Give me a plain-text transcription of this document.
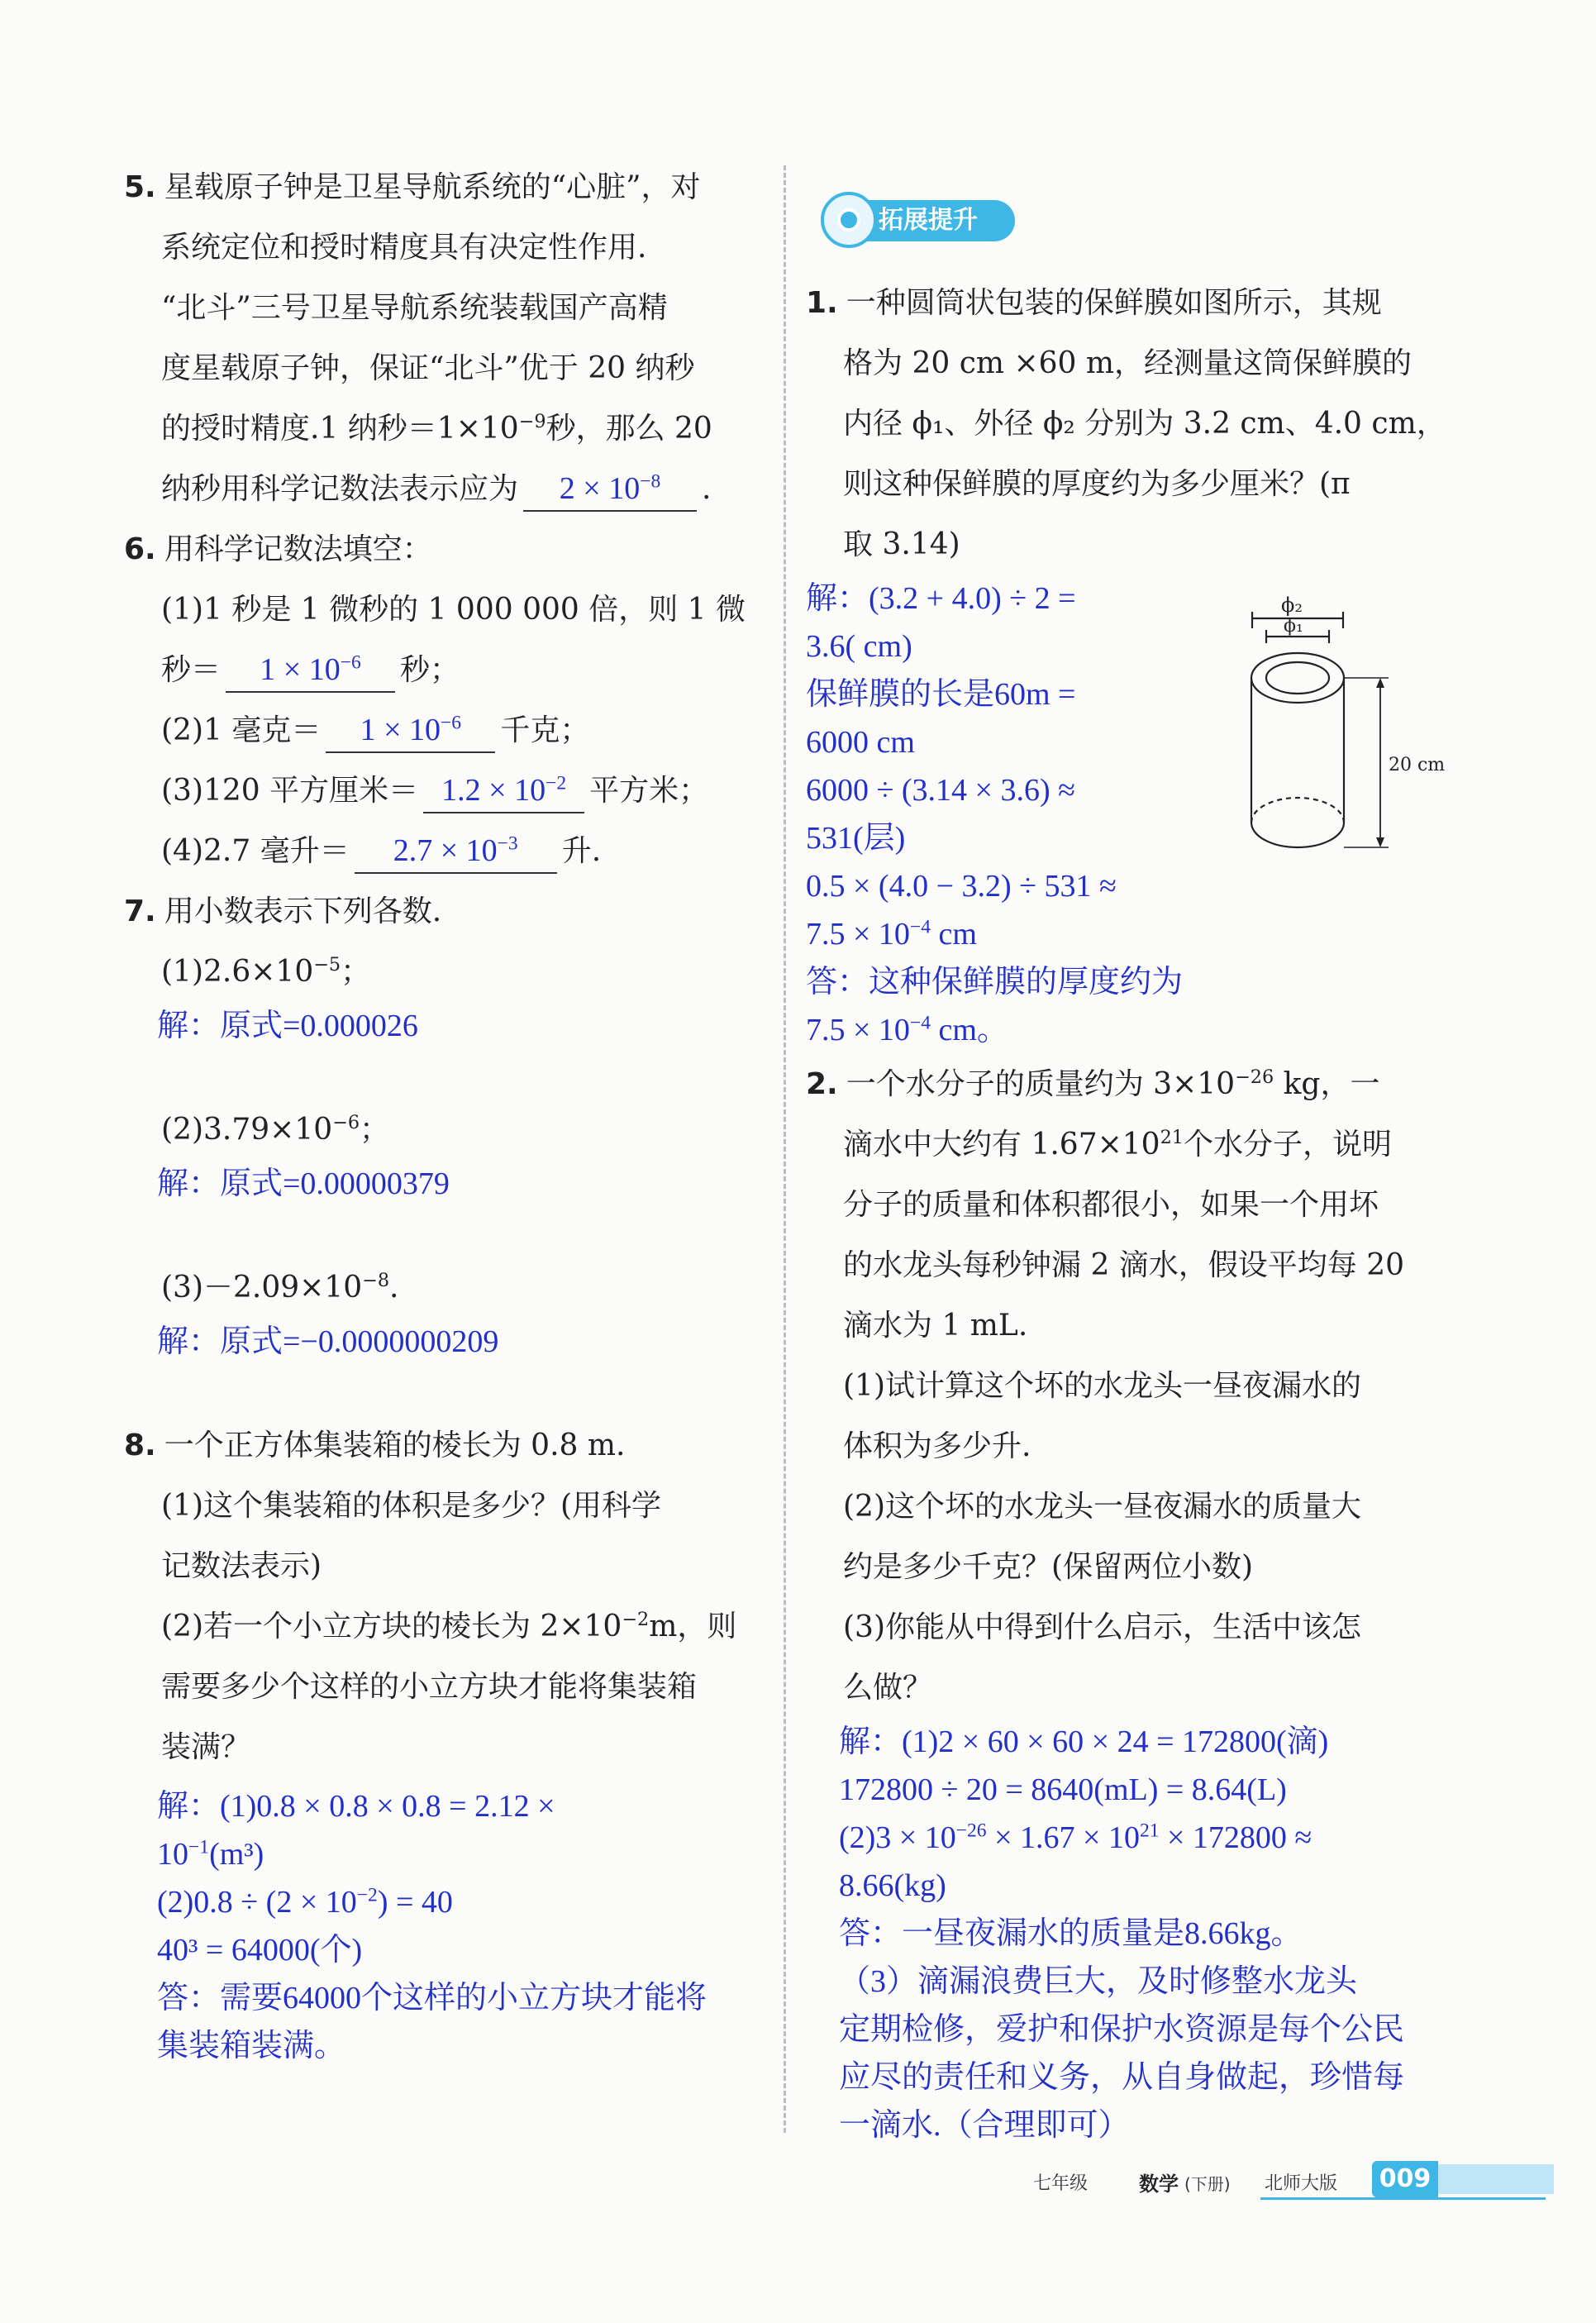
5. 星载原子钟是卫星导航系统的“心脏”，对
系统定位和授时精度具有决定性作用.
“北斗”三号卫星导航系统装载国产高精
度星载原子钟，保证“北斗”优于 20 纳秒
的授时精度.1 纳秒$=1\times 10^{-9}$秒，那么 20
纳秒用科学记数法表示应为 $2 \times 10^{-8}$ .
6. 用科学记数法填空：
(1)1 秒是 1 微秒的 1 000 000 倍，则 1 微
秒＝ $1 \times 10^{-6}$ 秒；
(2)1 毫克＝ $1 \times 10^{-6}$ 千克；
(3)120 平方厘米＝ $1.2 \times 10^{-2}$ 平方米；
(4)2.7 毫升＝ $2.7 \times 10^{-3}$ 升.
7. 用小数表示下列各数.
$(1)2.6\times 10^{-5}$；
解：原式=0.000026
$(2)3.79\times 10^{-6}$；
解：原式=0.00000379
$(3)-2.09\times 10^{-8}$.
解：原式=−0.0000000209
8. 一个正方体集装箱的棱长为 0.8 m.
(1)这个集装箱的体积是多少？(用科学
记数法表示)
(2)若一个小立方块的棱长为 $2\times 10^{-2}m$，则
需要多少个这样的小立方块才能将集装箱
装满？
解：(1)0.8 × 0.8 × 0.8 = 2.12 ×
$10^{-1}(m^3)$
$(2)0.8 \div (2 \times 10^{-2}) = 40$
40³ = 64000(个)
答：需要64000个这样的小立方块才能将
集装箱装满。
拓展提升
1. 一种圆筒状包装的保鲜膜如图所示，其规
格为 20 cm ×60 m，经测量这筒保鲜膜的
内径 ϕ₁、外径 ϕ₂ 分别为 3.2 cm、4.0 cm，
则这种保鲜膜的厚度约为多少厘米？(π
取 3.14)
解：(3.2 + 4.0) ÷ 2 =
3.6( cm)
保鲜膜的长是60m =
6000 cm
6000 ÷ (3.14 × 3.6) ≈
531(层)
0.5 × (4.0 − 3.2) ÷ 531 ≈
$7.5 \times 10^{-4}$ cm
答：这种保鲜膜的厚度约为
$7.5 \times 10^{-4}$ cm。
2. 一个水分子的质量约为 $3\times 10^{-26}$ kg，一
滴水中大约有 $1.67\times 10^{21}$个水分子，说明
分子的质量和体积都很小，如果一个用坏
的水龙头每秒钟漏 2 滴水，假设平均每 20
滴水为 1 mL.
(1)试计算这个坏的水龙头一昼夜漏水的
体积为多少升.
(2)这个坏的水龙头一昼夜漏水的质量大
约是多少千克？(保留两位小数)
(3)你能从中得到什么启示，生活中该怎
么做？
解：(1)2 × 60 × 60 × 24 = 172800(滴)
172800 ÷ 20 = 8640(mL) = 8.64(L)
$(2)3 \times 10^{-26} \times 1.67 \times 10^{21} \times 172800$ ≈
8.66(kg)
答：一昼夜漏水的质量是8.66kg。
（3）滴漏浪费巨大，及时修整水龙头
定期检修，爱护和保护水资源是每个公民
应尽的责任和义务，从自身做起，珍惜每
一滴水.（合理即可）
ϕ₂
ϕ₁
20 cm
七年级	数学 (下册) 北师大版 009
